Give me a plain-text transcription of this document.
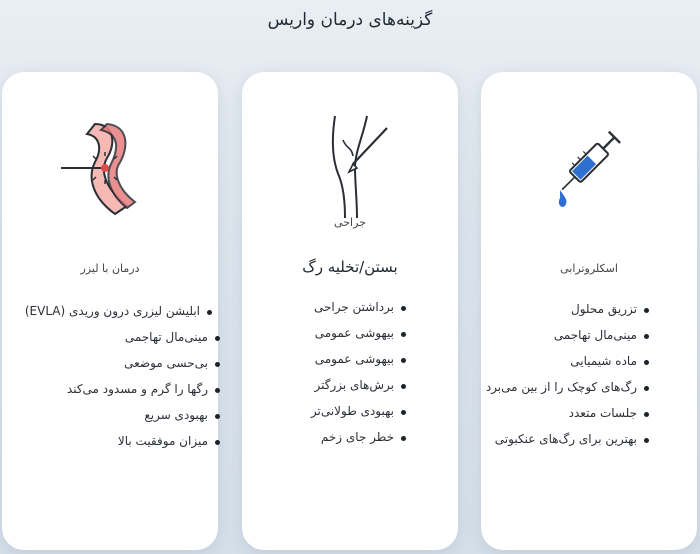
گزینه‌های درمان واریس
درمان با لیزر
ابلیشن لیزری درون وریدی (EVLA)
مینی‌مال تهاجمی
بی‌حسی موضعی
رگها را گرم و مسدود می‌کند
بهبودی سریع
میزان موفقیت بالا
جراحی
بستن/تخلیه رگ
برداشتن جراحی
بیهوشی عمومی
بیهوشی عمومی
برش‌های بزرگتر
بهبودی طولانی‌تر
خطر جای زخم
اسکلروترابی
تزریق محلول
مینی‌مال تهاجمی
ماده شیمیایی
رگ‌های کوچک را از بین می‌برد
جلسات متعدد
بهترین برای رگ‌های عنکبوتی
